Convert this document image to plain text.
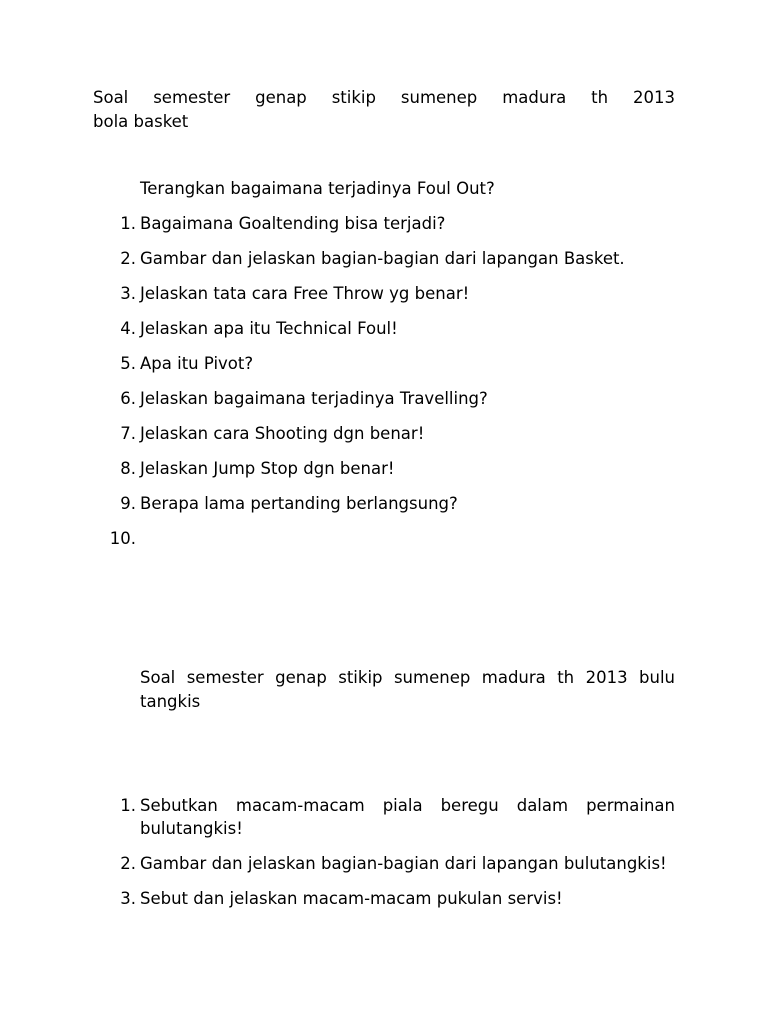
Soal semester genap stikip sumenep madura th 2013
bola basket
Terangkan bagaimana terjadinya Foul Out?
1. Bagaimana Goaltending bisa terjadi?
2. Gambar dan jelaskan bagian-bagian dari lapangan Basket.
3. Jelaskan tata cara Free Throw yg benar!
4. Jelaskan apa itu Technical Foul!
5. Apa itu Pivot?
6. Jelaskan bagaimana terjadinya Travelling?
7. Jelaskan cara Shooting dgn benar!
8. Jelaskan Jump Stop dgn benar!
9. Berapa lama pertanding berlangsung?
10.
Soal semester genap stikip sumenep madura th 2013 bulu tangkis
1. Sebutkan macam-macam piala beregu dalam permainan bulutangkis!
2. Gambar dan jelaskan bagian-bagian dari lapangan bulutangkis!
3. Sebut dan jelaskan macam-macam pukulan servis!
